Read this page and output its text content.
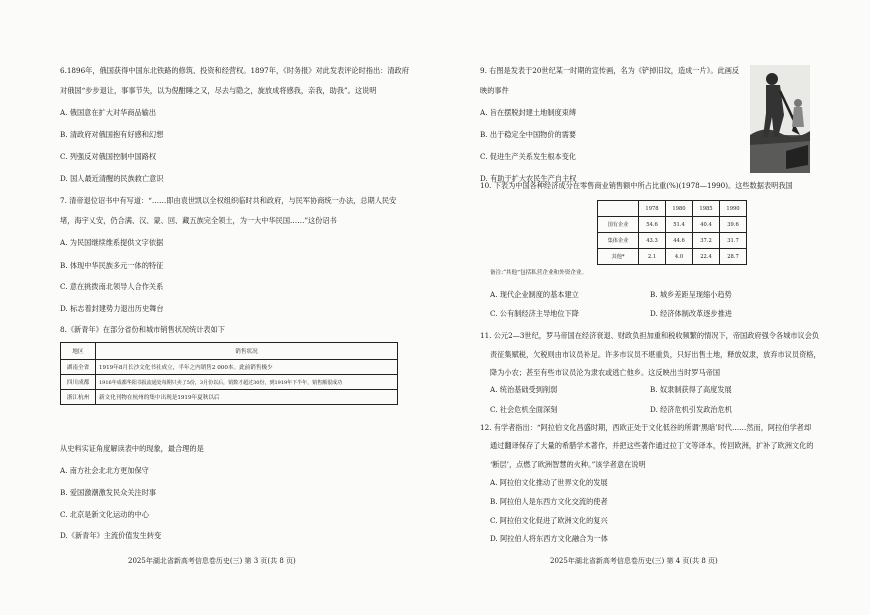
6.1896年，俄国获得中国东北铁路的修筑、投资和经营权。1897年，《时务报》对此发表评论时指出：清政府
对俄国“步步退让，事事节失，以为倪酣睡之又，尽去与隐之，旋放成将感我，亲我，助我”。这说明
A. 俄国意在扩大对华商品输出
B. 清政府对俄国抱有好感和幻想
C. 列强反对俄国控制中国路权
D. 国人最近清醒的民族救亡意识
7. 清帝退位诏书中有写道：“……即由袁世凯以全权组织临时共和政府，与民军协商统一办法，总期人民安
堵，海宇乂安，仍合满、汉、蒙、回、藏五族完全领土，为一大中华民国……”这份诏书
A. 为民国继续维系提供文字依据
B. 体现中华民族多元一体的特征
C. 意在挑拨南北领导人合作关系
D. 标志着封建势力退出历史舞台
8.《新青年》在部分省份和城市销售状况统计表如下
地区	销售状况
湖南全省	1919年8月长沙文化书社成立，半年之内销售2 000本。此前销售极少
四川成都	1916年成都华阳书报流通处每期只卖了5份，3月份以后，销数才超过30份，到1919年下半年，销售额很成功
浙江杭州	新文化刊物在杭州的集中出现是1919年夏秋以后
从史料实证角度解读表中的现象，最合理的是
A. 南方社会北北方更加保守
B. 爱国激潮激发民众关注时事
C. 北京是新文化运动的中心
D.《新青年》主流价值发生转变
2025年湖北省新高考信息卷历史(三) 第 3 页(共 8 页)
9. 右图是发表于20世纪某一时期的宣传画，名为《铲掉旧坟，造成一片》。此画反
映的事件
A. 旨在摆脱封建土地制度束缚
B. 出于稳定全中国物价的需要
C. 促进生产关系发生根本变化
D. 有助于扩大农民生产自主权
10. 下表为中国各种经济成分在零售商业销售额中所占比重(%)(1978—1990)。这些数据表明我国
	1978	1980	1985	1990
国有企业	54.6	51.4	40.4	39.6
集体企业	43.3	44.6	37.2	31.7
其他*	2.1	4.0	22.4	28.7
备注:“其他”包括私营企业和外资企业。
A. 现代企业制度的基本建立	B. 城乡差距呈现缩小趋势
C. 公有制经济主导地位下降	D. 经济体制改革逐步推进
11. 公元2—3世纪，罗马帝国在经济衰退、财政负担加重和税收频繁的情况下，帝国政府强令各城市议会负
责征集赋税，欠税则由市议员补足。许多市议员不堪重负，只好出售土地，释放奴隶，放弃市议员资格，
降为小农；甚至有些市议员沦为隶农或逃亡他乡。这反映出当时罗马帝国
A. 统治基础受到削弱	B. 奴隶制获得了高度发展
C. 社会危机全面深刻	D. 经济危机引发政治危机
12. 有学者指出：“阿拉伯文化昌盛时期，西欧正处于文化低谷的所谓‘黑暗’时代……然而，阿拉伯学者却
通过翻译保存了大量的希腊学术著作，并把这些著作通过拉丁文等译本，传回欧洲，扩补了欧洲文化的
‘断层’，点燃了欧洲智慧的火种。”该学者意在说明
A. 阿拉伯文化推动了世界文化的发展
B. 阿拉伯人是东西方文化交流的使者
C. 阿拉伯文化促进了欧洲文化的复兴
D. 阿拉伯人将东西方文化融合为一体
2025年湖北省新高考信息卷历史(三) 第 4 页(共 8 页)
